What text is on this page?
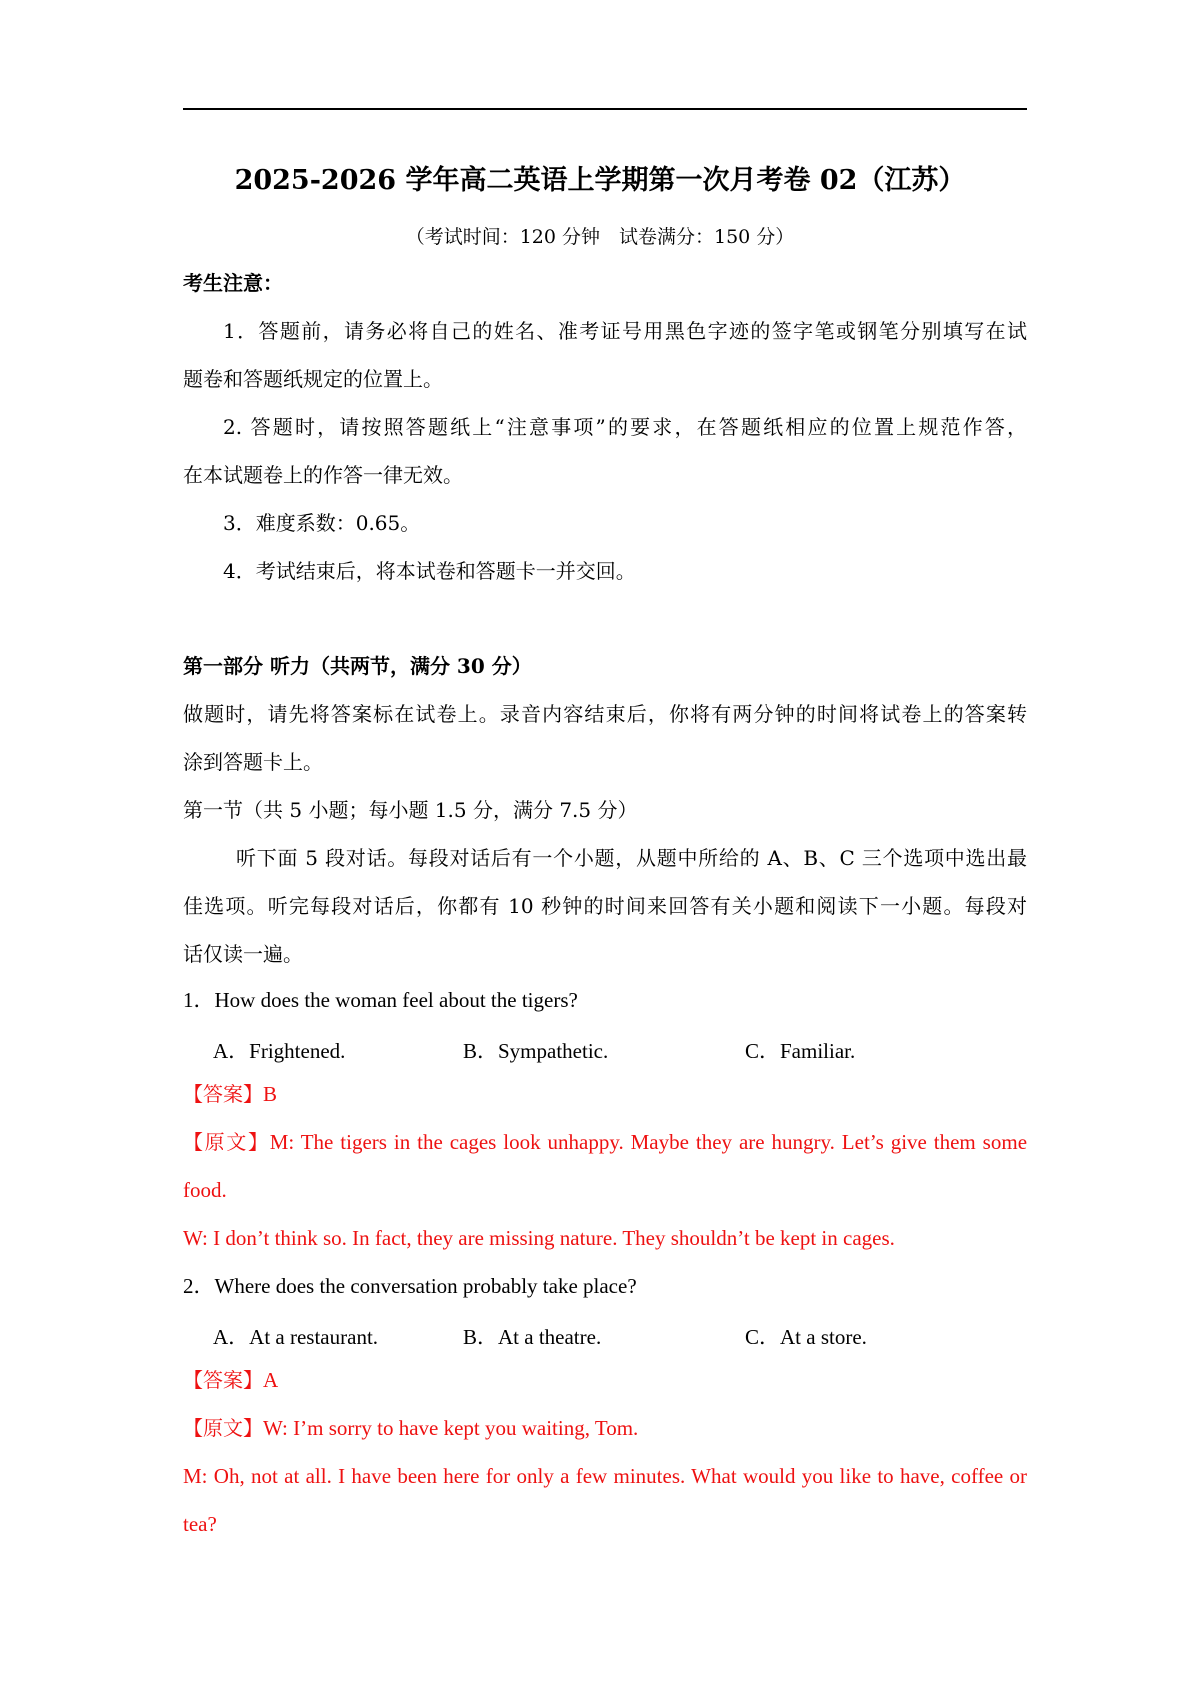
2025-2026 学年高二英语上学期第一次月考卷 02（江苏）
（考试时间：120 分钟　试卷满分：150 分）
考生注意：
1．答题前，请务必将自己的姓名、准考证号用黑色字迹的签字笔或钢笔分别填写在试
题卷和答题纸规定的位置上。
2. 答题时，请按照答题纸上“注意事项”的要求，在答题纸相应的位置上规范作答，
在本试题卷上的作答一律无效。
3．难度系数：0.65。
4．考试结束后，将本试卷和答题卡一并交回。
第一部分 听力（共两节，满分 30 分）
做题时，请先将答案标在试卷上。录音内容结束后，你将有两分钟的时间将试卷上的答案转
涂到答题卡上。
第一节（共 5 小题；每小题 1.5 分，满分 7.5 分）
听下面 5 段对话。每段对话后有一个小题，从题中所给的 A、B、C 三个选项中选出最
佳选项。听完每段对话后，你都有 10 秒钟的时间来回答有关小题和阅读下一小题。每段对
话仅读一遍。
1．How does the woman feel about the tigers?
A．Frightened.	B．Sympathetic.	C．Familiar.
【答案】B
【原文】M: The tigers in the cages look unhappy. Maybe they are hungry. Let’s give them some
food.
W: I don’t think so. In fact, they are missing nature. They shouldn’t be kept in cages.
2．Where does the conversation probably take place?
A．At a restaurant.	B．At a theatre.	C．At a store.
【答案】A
【原文】W: I’m sorry to have kept you waiting, Tom.
M: Oh, not at all. I have been here for only a few minutes. What would you like to have, coffee or
tea?
